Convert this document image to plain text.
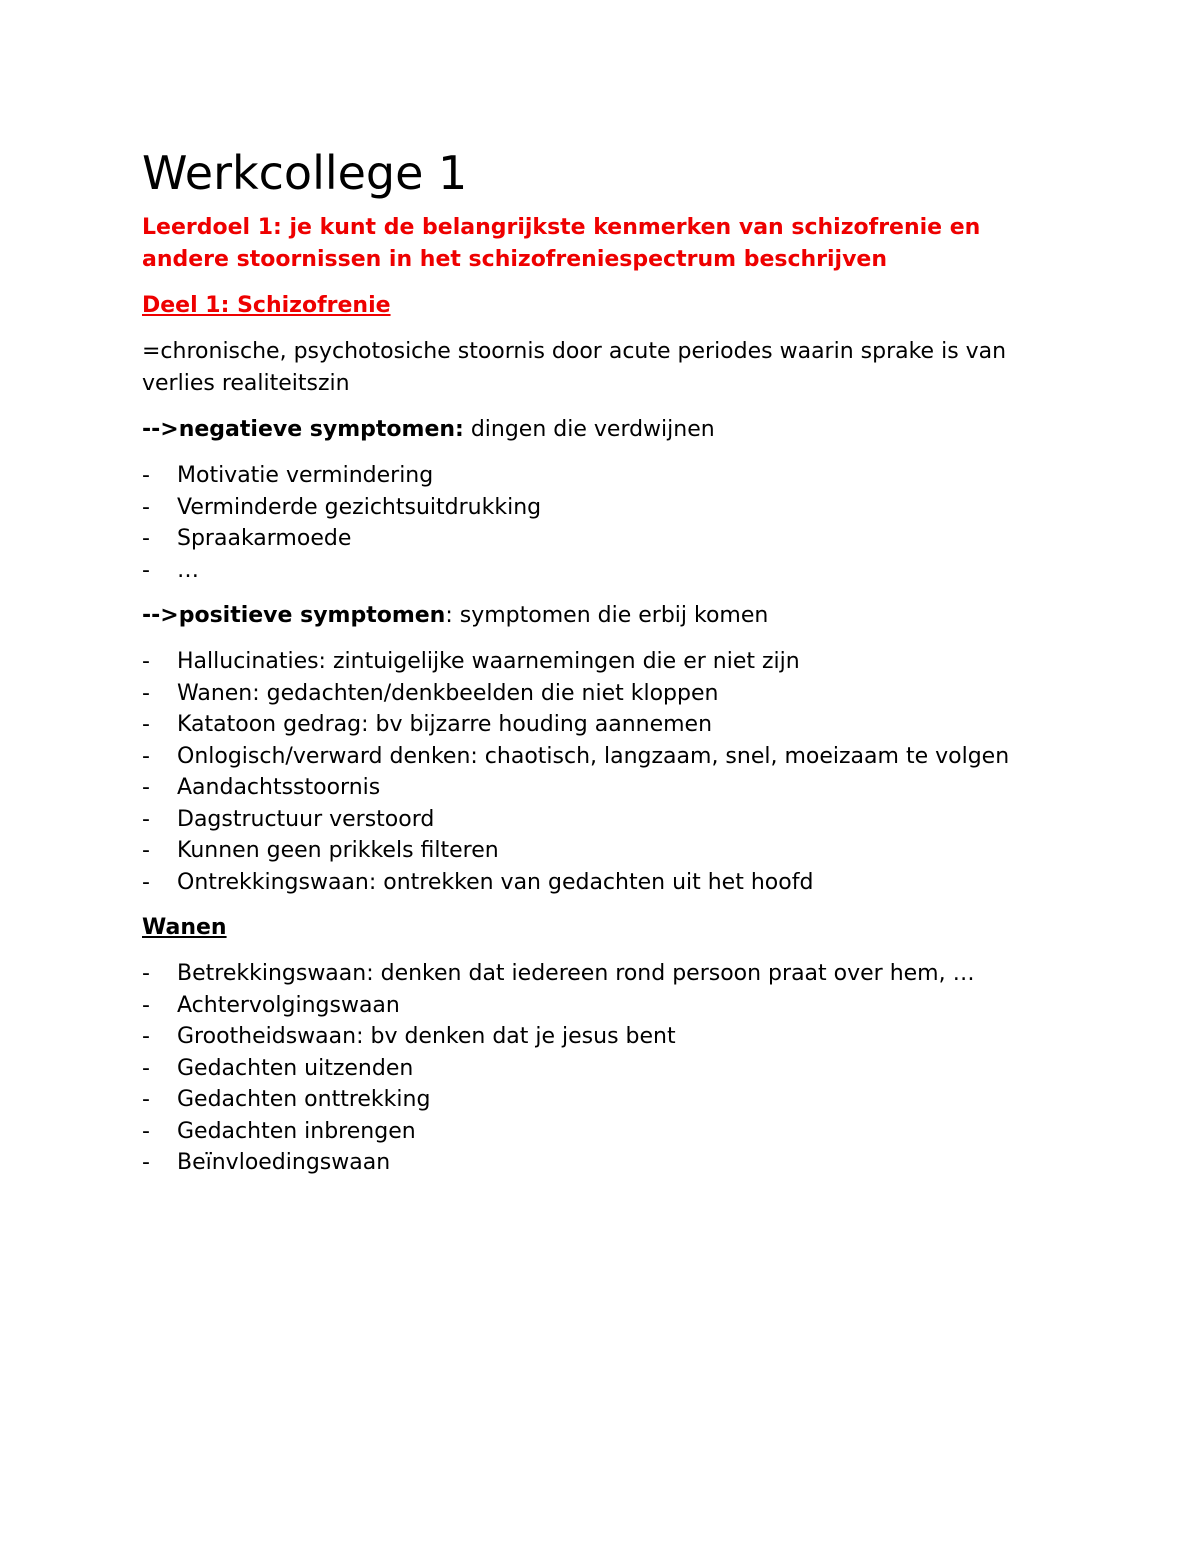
Werkcollege 1

Leerdoel 1: je kunt de belangrijkste kenmerken van schizofrenie en andere stoornissen in het schizofreniespectrum beschrijven

Deel 1: Schizofrenie

=chronische, psychotosiche stoornis door acute periodes waarin sprake is van verlies realiteitszin

-->negatieve symptomen: dingen die verdwijnen

- Motivatie vermindering
- Verminderde gezichtsuitdrukking
- Spraakarmoede
- …

-->positieve symptomen: symptomen die erbij komen

- Hallucinaties: zintuigelijke waarnemingen die er niet zijn
- Wanen: gedachten/denkbeelden die niet kloppen
- Katatoon gedrag: bv bijzarre houding aannemen
- Onlogisch/verward denken: chaotisch, langzaam, snel, moeizaam te volgen
- Aandachtsstoornis
- Dagstructuur verstoord
- Kunnen geen prikkels filteren
- Ontrekkingswaan: ontrekken van gedachten uit het hoofd

Wanen

- Betrekkingswaan: denken dat iedereen rond persoon praat over hem, …
- Achtervolgingswaan
- Grootheidswaan: bv denken dat je jesus bent
- Gedachten uitzenden
- Gedachten onttrekking
- Gedachten inbrengen
- Beïnvloedingswaan
